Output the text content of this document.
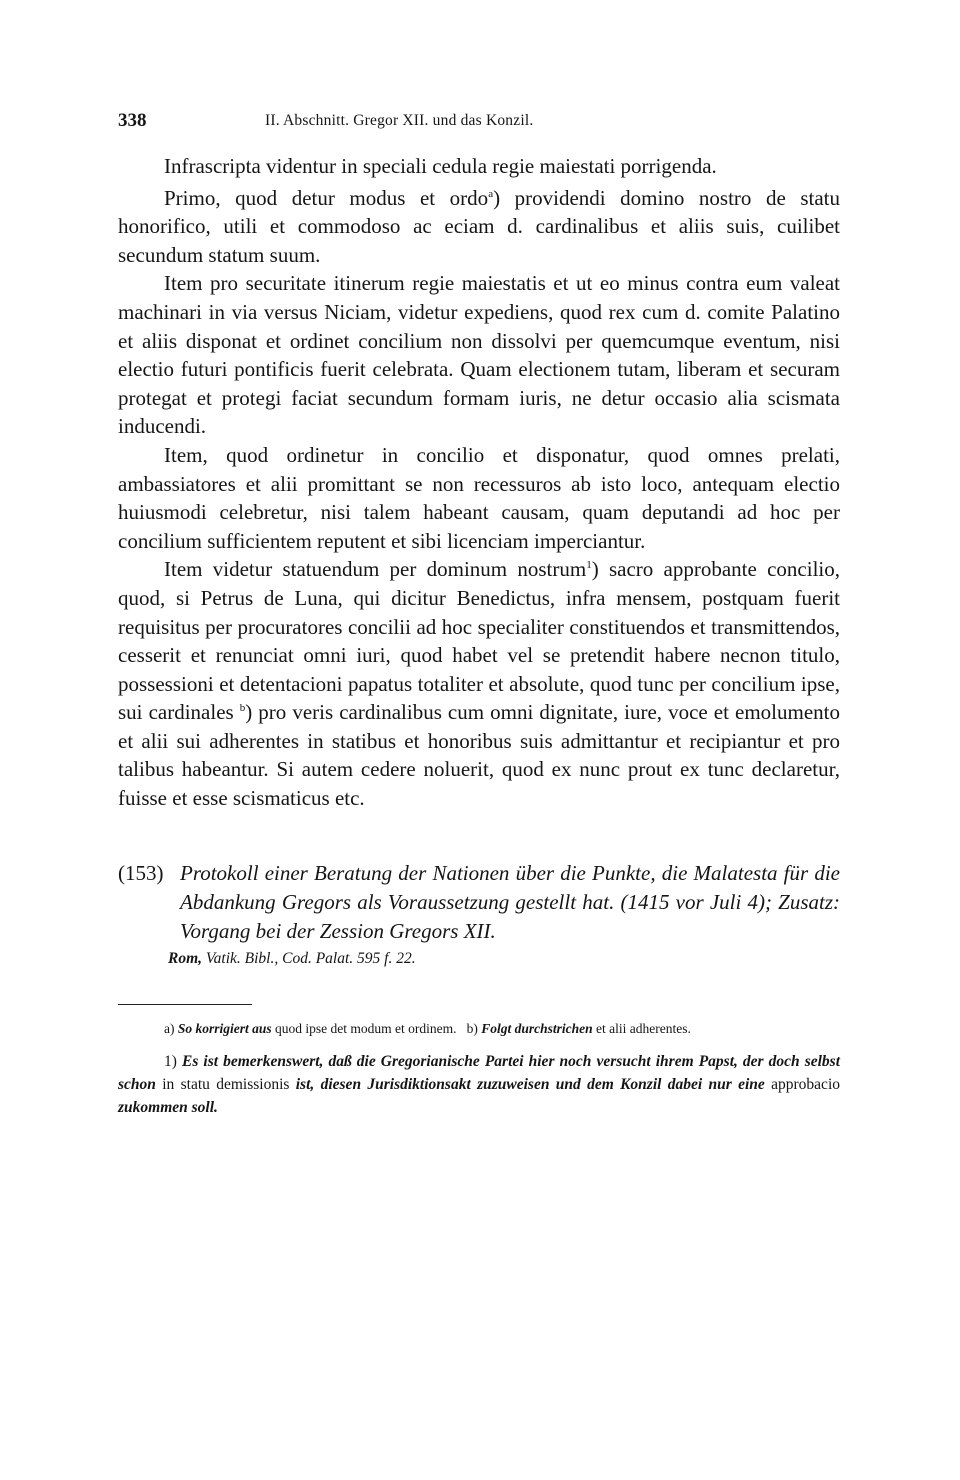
338	II. Abschnitt. Gregor XII. und das Konzil.

Infrascripta videntur in speciali cedula regie maiestati porrigenda.

Primo, quod detur modus et ordo$^a$) providendi domino nostro de statu honorifico, utili et commodoso ac eciam d. cardinalibus et aliis suis, cuilibet secundum statum suum.

Item pro securitate itinerum regie maiestatis et ut eo minus contra eum valeat machinari in via versus Niciam, videtur expediens, quod rex cum d. comite Palatino et aliis disponat et ordinet concilium non dissolvi per quemcumque eventum, nisi electio futuri pontificis fuerit celebrata. Quam electionem tutam, liberam et securam protegat et protegi faciat secundum formam iuris, ne detur occasio alia scismata inducendi.

Item, quod ordinetur in concilio et disponatur, quod omnes prelati, ambassiatores et alii promittant se non recessuros ab isto loco, antequam electio huiusmodi celebretur, nisi talem habeant causam, quam deputandi ad hoc per concilium sufficientem reputent et sibi licenciam imperciantur.

Item videtur statuendum per dominum nostrum$^1$) sacro approbante concilio, quod, si Petrus de Luna, qui dicitur Benedictus, infra mensem, postquam fuerit requisitus per procuratores concilii ad hoc specialiter constituendos et transmittendos, cesserit et renunciat omni iuri, quod habet vel se pretendit habere necnon titulo, possessioni et detentacioni papatus totaliter et absolute, quod tunc per concilium ipse, sui cardinales $^b$) pro veris cardinalibus cum omni dignitate, iure, voce et emolumento et alii sui adherentes in statibus et honoribus suis admittantur et recipiantur et pro talibus habeantur. Si autem cedere noluerit, quod ex nunc prout ex tunc declaretur, fuisse et esse scismaticus etc.

(153) Protokoll einer Beratung der Nationen über die Punkte, die Malatesta für die Abdankung Gregors als Voraussetzung gestellt hat. (1415 vor Juli 4); Zusatz: Vorgang bei der Zession Gregors XII.
Rom, Vatik. Bibl., Cod. Palat. 595 f. 22.

a) So korrigiert aus quod ipse det modum et ordinem. b) Folgt durchstrichen et alii adherentes.

1) Es ist bemerkenswert, daß die Gregorianische Partei hier noch versucht ihrem Papst, der doch selbst schon in statu demissionis ist, diesen Jurisdiktionsakt zuzuweisen und dem Konzil dabei nur eine approbacio zukommen soll.
